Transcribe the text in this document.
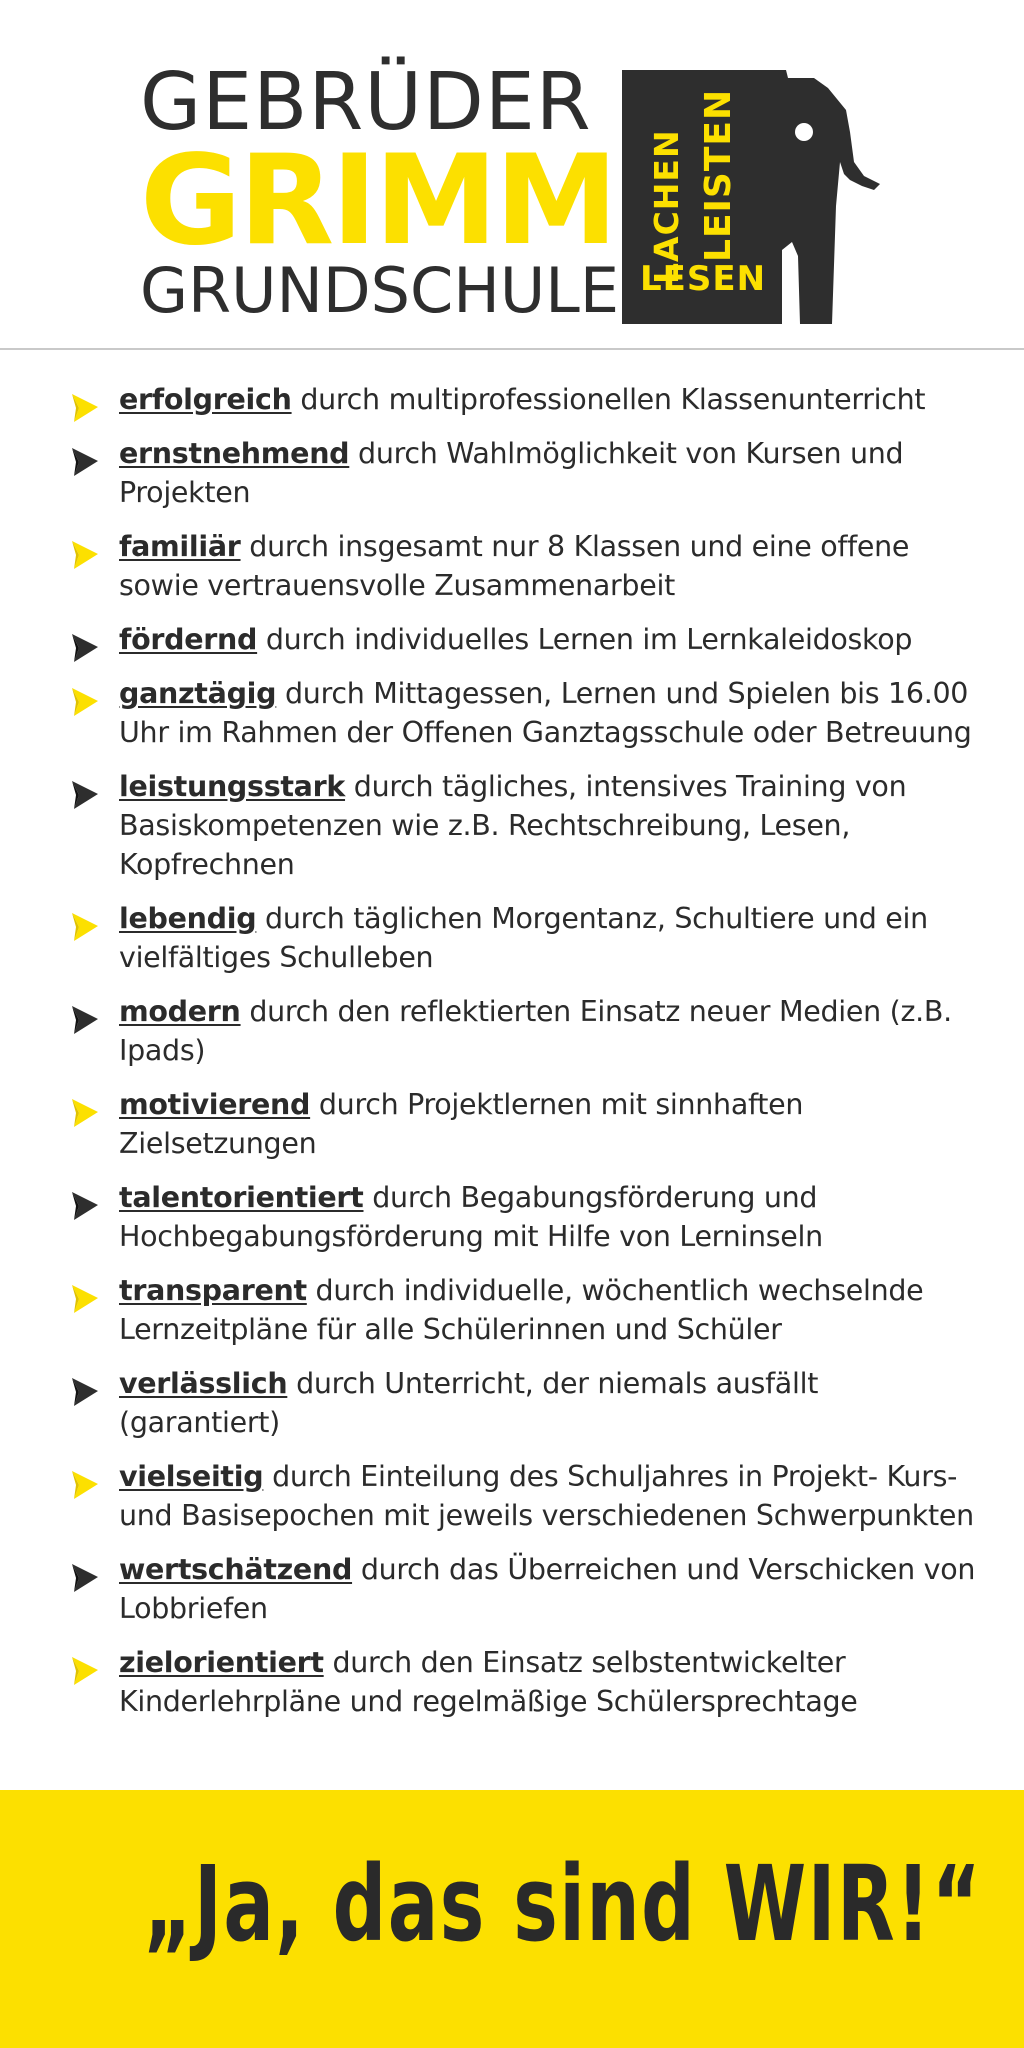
GEBRÜDER
GRIMM
GRUNDSCHULE
LACHEN LEISTEN
LESEN
erfolgreich durch multiprofessionellen Klassenunterricht
ernstnehmend durch Wahlmöglichkeit von Kursen und Projekten
familiär durch insgesamt nur 8 Klassen und eine offene sowie vertrauensvolle Zusammenarbeit
fördernd durch individuelles Lernen im Lernkaleidoskop
ganztägig durch Mittagessen, Lernen und Spielen bis 16.00 Uhr im Rahmen der Offenen Ganztagsschule oder Betreuung
leistungsstark durch tägliches, intensives Training von Basiskompetenzen wie z.B. Rechtschreibung, Lesen, Kopfrechnen
lebendig durch täglichen Morgentanz, Schultiere und ein vielfältiges Schulleben
modern durch den reflektierten Einsatz neuer Medien (z.B. Ipads)
motivierend durch Projektlernen mit sinnhaften Zielsetzungen
talentorientiert durch Begabungsförderung und Hochbegabungsförderung mit Hilfe von Lerninseln
transparent durch individuelle, wöchentlich wechselnde Lernzeitpläne für alle Schülerinnen und Schüler
verlässlich durch Unterricht, der niemals ausfällt (garantiert)
vielseitig durch Einteilung des Schuljahres in Projekt- Kurs- und Basisepochen mit jeweils verschiedenen Schwerpunkten
wertschätzend durch das Überreichen und Verschicken von Lobbriefen
zielorientiert durch den Einsatz selbstentwickelter Kinderlehrpläne und regelmäßige Schülersprechtage
„Ja, das sind WIR!“
